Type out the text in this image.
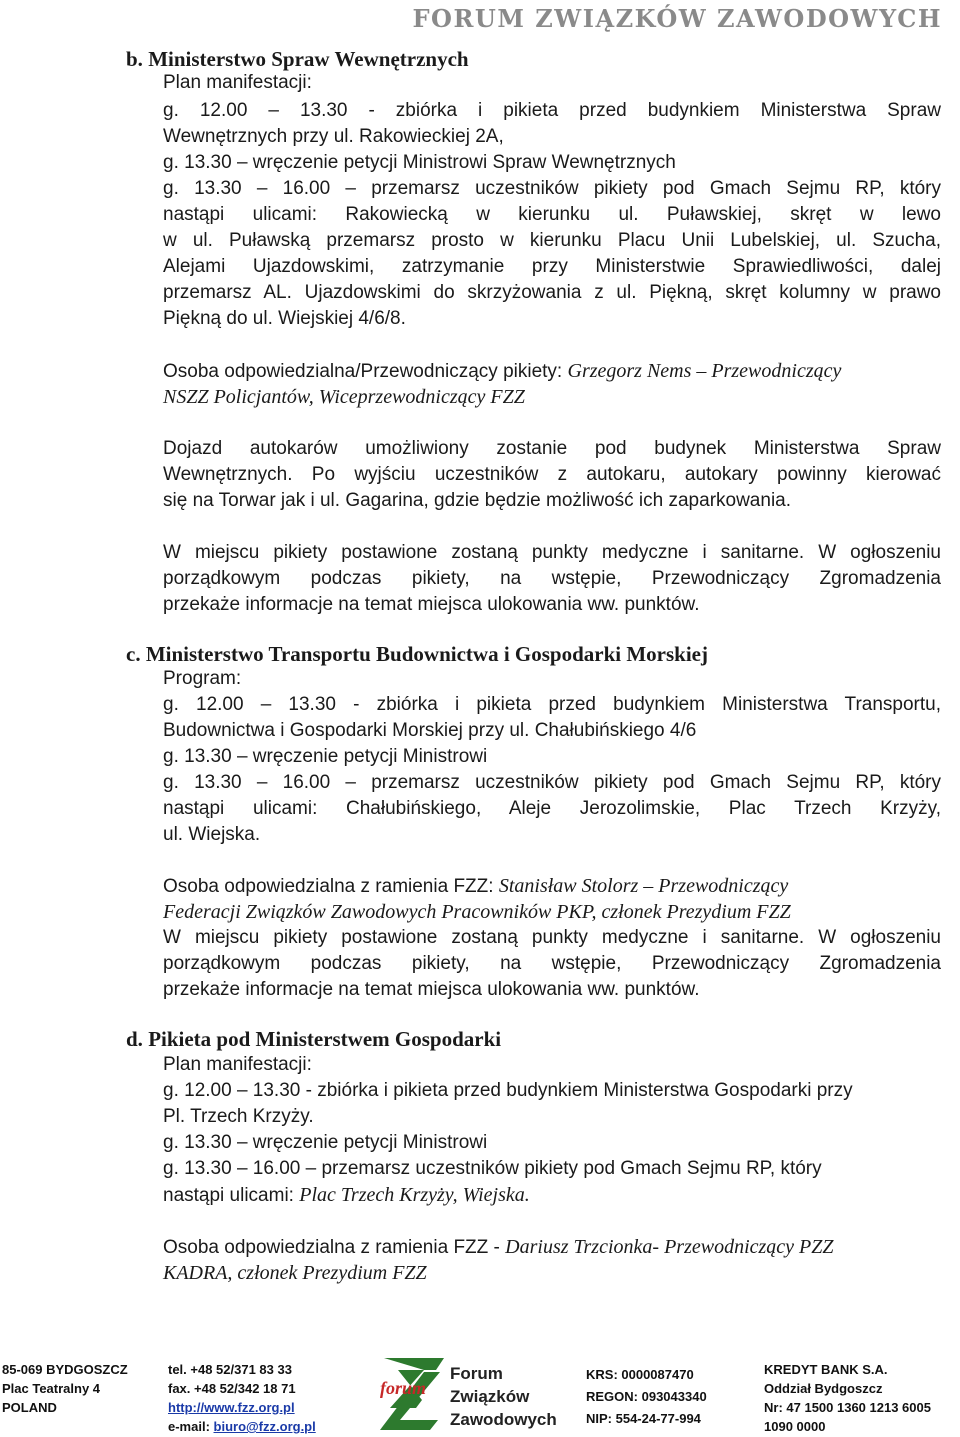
FORUM ZWIĄZKÓW ZAWODOWYCH
b. Ministerstwo Spraw Wewnętrznych
Plan manifestacji:
g. 12.00 – 13.30 - zbiórka i pikieta przed budynkiem Ministerstwa Spraw
Wewnętrznych przy ul. Rakowieckiej 2A,
g. 13.30 – wręczenie petycji Ministrowi Spraw Wewnętrznych
g. 13.30 – 16.00 – przemarsz uczestników pikiety pod Gmach Sejmu RP, który
nastąpi ulicami: Rakowiecką w kierunku ul. Puławskiej, skręt w lewo
w ul. Puławską przemarsz prosto w kierunku Placu Unii Lubelskiej, ul. Szucha,
Alejami Ujazdowskimi, zatrzymanie przy Ministerstwie Sprawiedliwości, dalej
przemarsz AL. Ujazdowskimi do skrzyżowania z ul. Piękną, skręt kolumny w prawo
Piękną do ul. Wiejskiej 4/6/8.
Osoba odpowiedzialna/Przewodniczący pikiety: Grzegorz Nems – Przewodniczący
NSZZ Policjantów, Wiceprzewodniczący FZZ
Dojazd autokarów umożliwiony zostanie pod budynek Ministerstwa Spraw
Wewnętrznych. Po wyjściu uczestników z autokaru, autokary powinny kierować
się na Torwar jak i ul. Gagarina, gdzie będzie możliwość ich zaparkowania.
W miejscu pikiety postawione zostaną punkty medyczne i sanitarne. W ogłoszeniu
porządkowym podczas pikiety, na wstępie, Przewodniczący Zgromadzenia
przekaże informacje na temat miejsca ulokowania ww. punktów.
c. Ministerstwo Transportu Budownictwa i Gospodarki Morskiej
Program:
g. 12.00 – 13.30 - zbiórka i pikieta przed budynkiem Ministerstwa Transportu,
Budownictwa i Gospodarki Morskiej przy ul. Chałubińskiego 4/6
g. 13.30 – wręczenie petycji Ministrowi
g. 13.30 – 16.00 – przemarsz uczestników pikiety pod Gmach Sejmu RP, który
nastąpi ulicami: Chałubińskiego, Aleje Jerozolimskie, Plac Trzech Krzyży,
ul. Wiejska.
Osoba odpowiedzialna z ramienia FZZ: Stanisław Stolorz – Przewodniczący
Federacji Związków Zawodowych Pracowników PKP, członek Prezydium FZZ
W miejscu pikiety postawione zostaną punkty medyczne i sanitarne. W ogłoszeniu
porządkowym podczas pikiety, na wstępie, Przewodniczący Zgromadzenia
przekaże informacje na temat miejsca ulokowania ww. punktów.
d. Pikieta pod Ministerstwem Gospodarki
Plan manifestacji:
g. 12.00 – 13.30 - zbiórka i pikieta przed budynkiem Ministerstwa Gospodarki przy
Pl. Trzech Krzyży.
g. 13.30 – wręczenie petycji Ministrowi
g. 13.30 – 16.00 – przemarsz uczestników pikiety pod Gmach Sejmu RP, który
nastąpi ulicami: Plac Trzech Krzyży, Wiejska.
Osoba odpowiedzialna z ramienia FZZ - Dariusz Trzcionka- Przewodniczący PZZ
KADRA, członek Prezydium FZZ
85-069 BYDGOSZCZ
Plac Teatralny 4
POLAND
tel. +48 52/371 83 33
fax. +48 52/342 18 71
http://www.fzz.org.pl
e-mail: biuro@fzz.org.pl
forum
Forum
Związków
Zawodowych
KRS: 0000087470
REGON: 093043340
NIP: 554-24-77-994
KREDYT BANK S.A.
Oddział Bydgoszcz
Nr: 47 1500 1360 1213 6005
1090 0000
